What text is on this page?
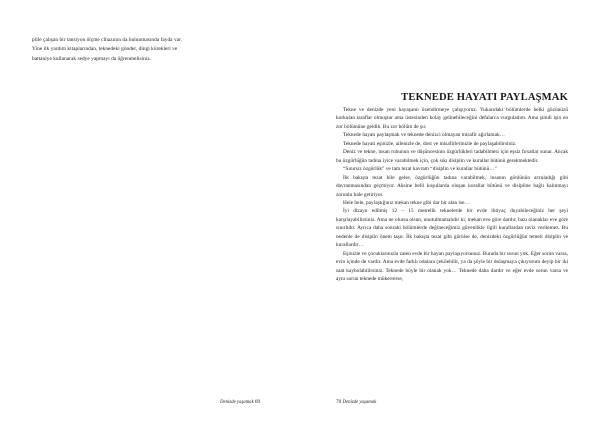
pille çalışan bir tansiyon ölçme cihazının da bulunmasında fayda var.

Yine ilk yardım kitaplarından, teknedeki gönder, dingi kürekleri ve

battaniye kullanarak sedye yapmayı da öğrenmelisiniz.

Denizde yaşamak 69
TEKNEDE HAYATI PAYLAŞMAK

Tekne ve denizde yeni hayaşamı özendirmeye çalışıyoruz. Yukarıdaki bölümlerde belki gözünüzü korkutan taraflar olmuştur ama üstesinden kolay gelinebileceğini defalarca vurguladım. Ama şimdi işin en zor bölümüne geldik. Bu zor bölüm de şu:

Teknede hayatı paylaşmak ve teknede denizci olmayan misafir ağırlamak…

Teknede hayatı eşinizle, ailenizle de, dost ve misafirlerinizle de paylaşabilirsiniz.

Deniz ve tekne, insan ruhunun ve düşüncesinin özgürlükleri tadabilmesi için eşsiz fırsatlar sunar. Ancak bu özgürlüğün tadına iyice varabilmek için, çok sıkı disiplin ve kurallar bütünü gerekmektedir.

“Sınırsız özgürlük” ve tam tezat kavram “disiplin ve kurallar bütünü…”

İlk bakışta tezat bile gelse, özgürlüğün tadına varabilmek, insanın gönlünün arzuladığı gibi davranmasından geçmiyor. Aksine belli koşullarda oluşan kurallar bütünü ve disipline bağlı kalınmayı zorunlu hale getiriyor.

Hele hele, paylaştığınız mekan tekne gibi dar bir alan ise…

İyi dizayn edilmiş 12 – 15 metrelik teknelerde bir evde ihtiyaç duyabileceğiniz her şeyi karşılayabilirsiniz. Ama ne olursa olsun, unutulmamalıdır ki, mekan eve göre dardır, bazı olanaklar eve göre sınırlıdır. Ayrıca daha sonraki bölümlerde değineceğimiz güvenlikle ilgili kurallardan taviz verilemez. Bu nedenle de disiplin önem taşır. İlk bakışta tezat gibi görülse de, denizdeki özgürlüğün temeli disiplin ve kurallardır…

Eşinizle ve çocuklarınızla zaten evde bir hayatı paylaşıyorsunuz. Burada bir sorun yok. Eğer sorun varsa, evin içinde de vardır. Ama evde farklı odalara çekilebilir, ya da şöyle bir dolaşmaya çıkıyorum deyip bir iki saat kaybolabilirsiniz. Teknede böyle bir olanak yok… Teknede daha dardır ve eğer evde sorun varsa ve aynı sorun teknede mükerrerse,

70 Denizde yaşamak
